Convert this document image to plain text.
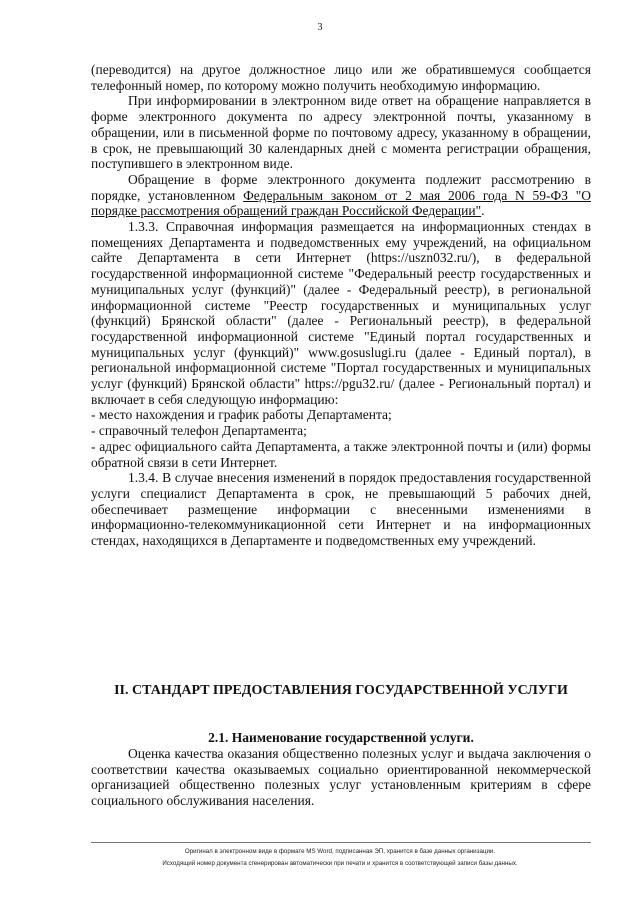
3

(переводится) на другое должностное лицо или же обратившемуся сообщается телефонный номер, по которому можно получить необходимую информацию.

При информировании в электронном виде ответ на обращение направляется в форме электронного документа по адресу электронной почты, указанному в обращении, или в письменной форме по почтовому адресу, указанному в обращении, в срок, не превышающий 30 календарных дней с момента регистрации обращения, поступившего в электронном виде.

Обращение в форме электронного документа подлежит рассмотрению в порядке, установленном Федеральным законом от 2 мая 2006 года N 59-ФЗ "О порядке рассмотрения обращений граждан Российской Федерации".

1.3.3. Справочная информация размещается на информационных стендах в помещениях Департамента и подведомственных ему учреждений, на официальном сайте Департамента в сети Интернет (https://uszn032.ru/), в федеральной государственной информационной системе "Федеральный реестр государственных и муниципальных услуг (функций)" (далее - Федеральный реестр), в региональной информационной системе "Реестр государственных и муниципальных услуг (функций) Брянской области" (далее - Региональный реестр), в федеральной государственной информационной системе "Единый портал государственных и муниципальных услуг (функций)" www.gosuslugi.ru (далее - Единый портал), в региональной информационной системе "Портал государственных и муниципальных услуг (функций) Брянской области" https://pgu32.ru/ (далее - Региональный портал) и включает в себя следующую информацию:

- место нахождения и график работы Департамента;

- справочный телефон Департамента;

- адрес официального сайта Департамента, а также электронной почты и (или) формы обратной связи в сети Интернет.

1.3.4. В случае внесения изменений в порядок предоставления государственной услуги специалист Департамента в срок, не превышающий 5 рабочих дней, обеспечивает размещение информации с внесенными изменениями в информационно-телекоммуникационной сети Интернет и на информационных стендах, находящихся в Департаменте и подведомственных ему учреждений.

II. СТАНДАРТ ПРЕДОСТАВЛЕНИЯ ГОСУДАРСТВЕННОЙ УСЛУГИ
2.1. Наименование государственной услуги.

Оценка качества оказания общественно полезных услуг и выдача заключения о соответствии качества оказываемых социально ориентированной некоммерческой организацией общественно полезных услуг установленным критериям в сфере социального обслуживания населения.

Оригинал в электронном виде в формате MS Word, подписанная ЭП, хранится в базе данных организации.
Исходящий номер документа сгенерирован автоматически при печати и хранится в соответствующей записи базы данных.
